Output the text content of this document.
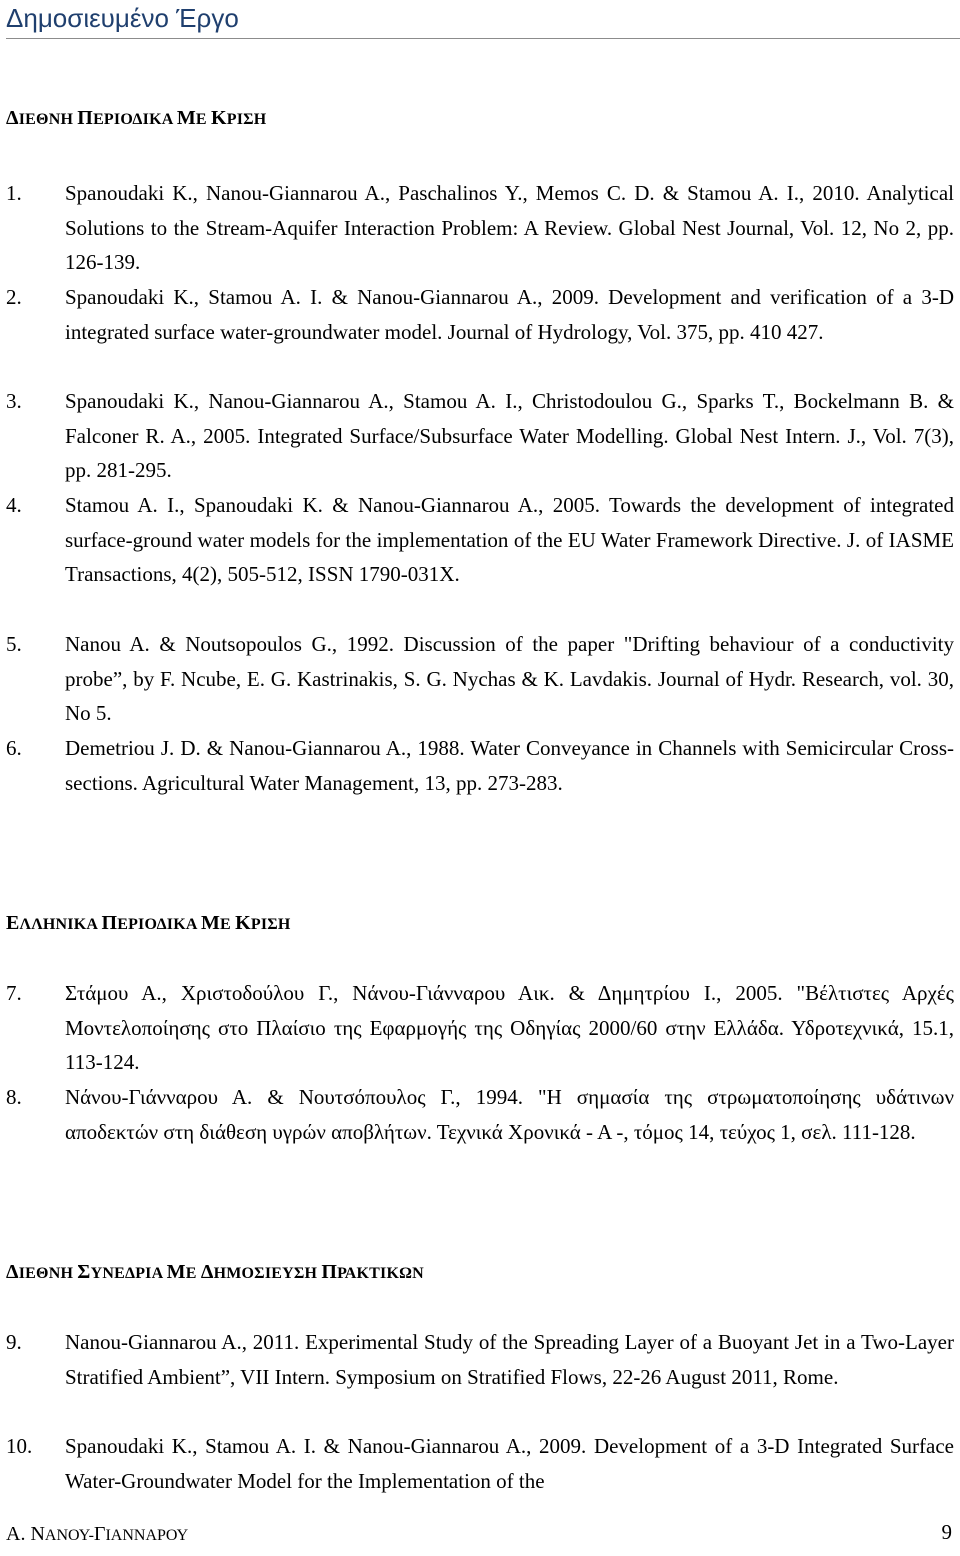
Δημοσιευμένο Έργο
ΔΙΕΘΝΗ ΠΕΡΙΟΔΙΚΑ ΜΕ ΚΡΙΣΗ
1. Spanoudaki K., Nanou-Giannarou A., Paschalinos Y., Memos C. D. & Stamou A. I., 2010. Analytical Solutions to the Stream-Aquifer Interaction Problem: A Review. Global Nest Journal, Vol. 12, No 2, pp. 126-139.
2. Spanoudaki K., Stamou A. I. & Nanou-Giannarou A., 2009. Development and verification of a 3-D integrated surface water-groundwater model. Journal of Hydrology, Vol. 375, pp. 410 427.
3. Spanoudaki K., Nanou-Giannarou A., Stamou A. I., Christodoulou G., Sparks T., Bockelmann B. & Falconer R. A., 2005. Integrated Surface/Subsurface Water Modelling. Global Nest Intern. J., Vol. 7(3), pp. 281-295.
4. Stamou A. I., Spanoudaki K. & Nanou-Giannarou A., 2005. Towards the development of integrated surface-ground water models for the implementation of the EU Water Framework Directive. J. of IASME Transactions, 4(2), 505-512, ISSN 1790-031X.
5. Nanou A. & Noutsopoulos G., 1992. Discussion of the paper "Drifting behaviour of a conductivity probe”, by F. Ncube, E. G. Kastrinakis, S. G. Nychas & K. Lavdakis. Journal of Hydr. Research, vol. 30, No 5.
6. Demetriou J. D. & Nanou-Giannarou A., 1988. Water Conveyance in Channels with Semicircular Cross-sections. Agricultural Water Management, 13, pp. 273-283.
ΕΛΛΗΝΙΚΑ ΠΕΡΙΟΔΙΚΑ ΜΕ ΚΡΙΣΗ
7. Στάμου Α., Χριστοδούλου Γ., Νάνου-Γιάνναρου Αικ. & Δημητρίου Ι., 2005. "Βέλτιστες Αρχές Μοντελοποίησης στο Πλαίσιο της Εφαρμογής της Οδηγίας 2000/60 στην Ελλάδα. Υδροτεχνικά, 15.1, 113-124.
8. Νάνου-Γιάνναρου Α. & Νουτσόπουλος Γ., 1994. "Η σημασία της στρωματοποίησης υδάτινων αποδεκτών στη διάθεση υγρών αποβλήτων. Τεχνικά Χρονικά - Α -, τόμος 14, τεύχος 1, σελ. 111-128.
ΔΙΕΘΝΗ ΣΥΝΕΔΡΙΑ ΜΕ ΔΗΜΟΣΙΕΥΣΗ ΠΡΑΚΤΙΚΩΝ
9. Nanou-Giannarou A., 2011. Experimental Study of the Spreading Layer of a Buoyant Jet in a Two-Layer Stratified Ambient”, VII Intern. Symposium on Stratified Flows, 22-26 August 2011, Rome.
10. Spanoudaki K., Stamou A. I. & Nanou-Giannarou A., 2009. Development of a 3-D Integrated Surface Water-Groundwater Model for the Implementation of the
Α. ΝΑΝΟΥ-ΓΙΑΝΝΑΡΟΥ	9
